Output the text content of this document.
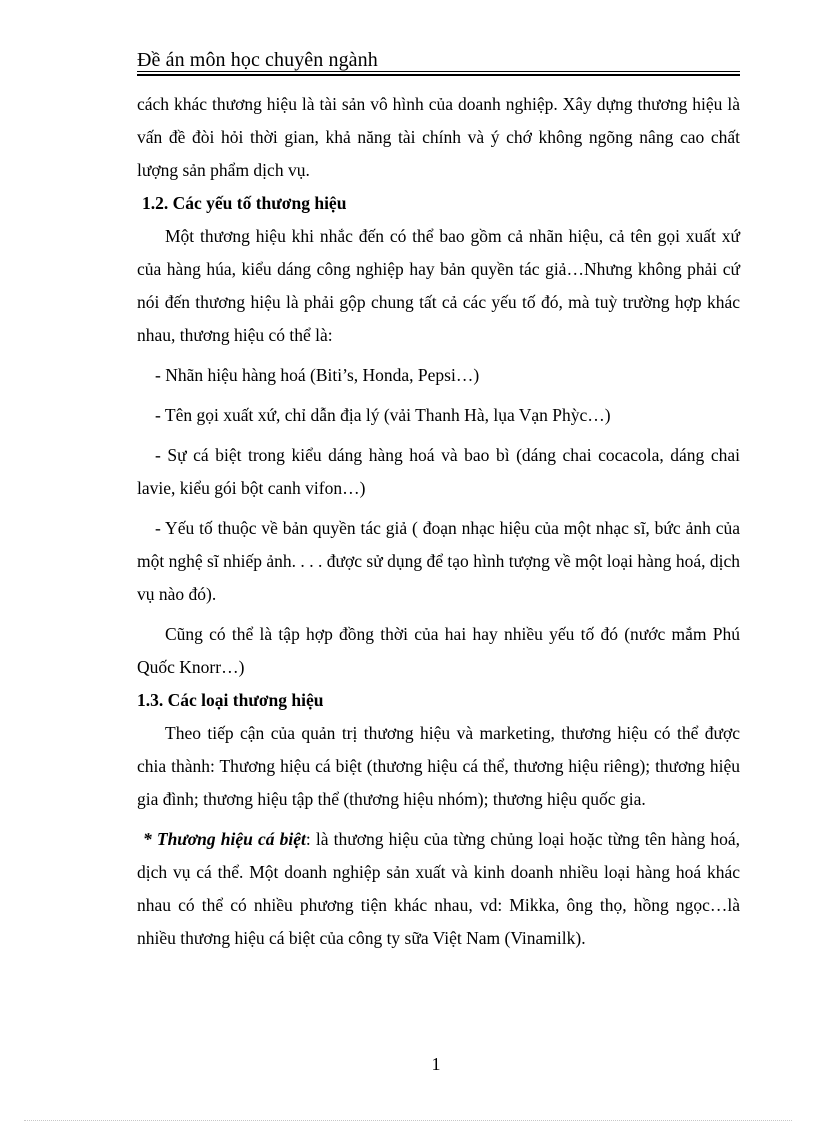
Đề án môn học chuyên ngành

cách khác thương hiệu là tài sản vô hình của doanh nghiệp. Xây dựng thương hiệu là vấn đề đòi hỏi thời gian, khả năng tài chính và ý chớ không ngõng nâng cao chất lượng sản phẩm dịch vụ.

1.2. Các yếu tố thương hiệu

Một thương hiệu khi nhắc đến có thể bao gồm cả nhãn hiệu, cả tên gọi xuất xứ của hàng húa, kiểu dáng công nghiệp hay bản quyền tác giả…Nhưng không phải cứ nói đến thương hiệu là phải gộp chung tất cả các yếu tố đó, mà tuỳ trường hợp khác nhau, thương hiệu có thể là:

- Nhãn hiệu hàng hoá (Biti’s, Honda, Pepsi…)

- Tên gọi xuất xứ, chỉ dẫn địa lý (vải Thanh Hà, lụa Vạn Phỳc…)

- Sự cá biệt trong kiểu dáng hàng hoá và bao bì (dáng chai cocacola, dáng chai lavie, kiểu gói bột canh vifon…)

- Yếu tố thuộc về bản quyền tác giả ( đoạn nhạc hiệu của một nhạc sĩ, bức ảnh của một nghệ sĩ nhiếp ảnh. . . . được sử dụng để tạo hình tượng về một loại hàng hoá, dịch vụ nào đó).

Cũng có thể là tập hợp đồng thời của hai hay nhiều yếu tố đó (nước mắm Phú Quốc Knorr…)

1.3. Các loại thương hiệu

Theo tiếp cận của quản trị thương hiệu và marketing, thương hiệu có thể được chia thành: Thương hiệu cá biệt (thương hiệu cá thể, thương hiệu riêng); thương hiệu gia đình; thương hiệu tập thể (thương hiệu nhóm); thương hiệu quốc gia.

* Thương hiệu cá biệt: là thương hiệu của từng chủng loại hoặc từng tên hàng hoá, dịch vụ cá thể. Một doanh nghiệp sản xuất và kinh doanh nhiều loại hàng hoá khác nhau có thể có nhiều phương tiện khác nhau, vd: Mikka, ông thọ, hồng ngọc…là nhiều thương hiệu cá biệt của công ty sữa Việt Nam (Vinamilk).

1
